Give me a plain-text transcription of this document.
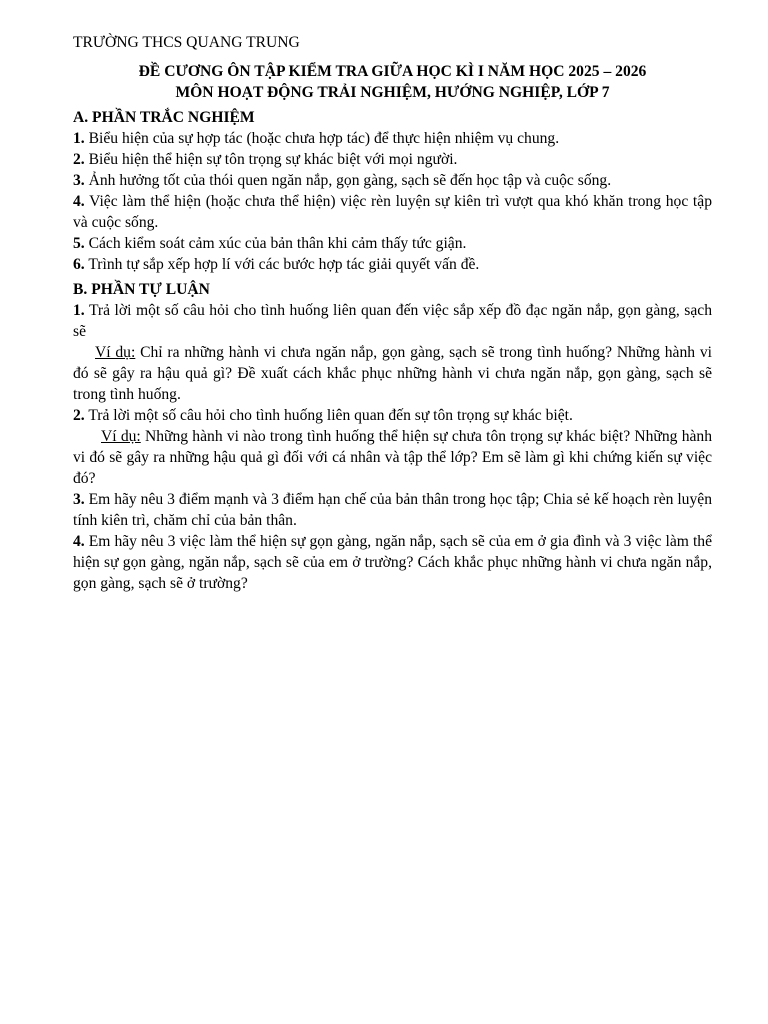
TRƯỜNG THCS QUANG TRUNG

ĐỀ CƯƠNG ÔN TẬP KIỂM TRA GIỮA HỌC KÌ I NĂM HỌC 2025 – 2026

MÔN HOẠT ĐỘNG TRẢI NGHIỆM, HƯỚNG NGHIỆP, LỚP 7

A. PHẦN TRẮC NGHIỆM

1. Biểu hiện của sự hợp tác (hoặc chưa hợp tác) để thực hiện nhiệm vụ chung.

2. Biểu hiện thể hiện sự tôn trọng sự khác biệt với mọi người.

3. Ảnh hưởng tốt của thói quen ngăn nắp, gọn gàng, sạch sẽ đến học tập và cuộc sống.

4. Việc làm thể hiện (hoặc chưa thể hiện) việc rèn luyện sự kiên trì vượt qua khó khăn trong học tập và cuộc sống.

5. Cách kiểm soát cảm xúc của bản thân khi cảm thấy tức giận.

6. Trình tự sắp xếp hợp lí với các bước hợp tác giải quyết vấn đề.

B. PHẦN TỰ LUẬN

1. Trả lời một số câu hỏi cho tình huống liên quan đến việc sắp xếp đồ đạc ngăn nắp, gọn gàng, sạch sẽ

Ví dụ: Chỉ ra những hành vi chưa ngăn nắp, gọn gàng, sạch sẽ trong tình huống? Những hành vi đó sẽ gây ra hậu quả gì? Đề xuất cách khắc phục những hành vi chưa ngăn nắp, gọn gàng, sạch sẽ trong tình huống.

2. Trả lời một số câu hỏi cho tình huống liên quan đến sự tôn trọng sự khác biệt.

Ví dụ: Những hành vi nào trong tình huống thể hiện sự chưa tôn trọng sự khác biệt? Những hành vi đó sẽ gây ra những hậu quả gì đối với cá nhân và tập thể lớp? Em sẽ làm gì khi chứng kiến sự việc đó?

3. Em hãy nêu 3 điểm mạnh và 3 điểm hạn chế của bản thân trong học tập; Chia sẻ kế hoạch rèn luyện tính kiên trì, chăm chỉ của bản thân.

4. Em hãy nêu 3 việc làm thể hiện sự gọn gàng, ngăn nắp, sạch sẽ của em ở gia đình và 3 việc làm thể hiện sự gọn gàng, ngăn nắp, sạch sẽ của em ở trường? Cách khắc phục những hành vi chưa ngăn nắp, gọn gàng, sạch sẽ ở trường?
